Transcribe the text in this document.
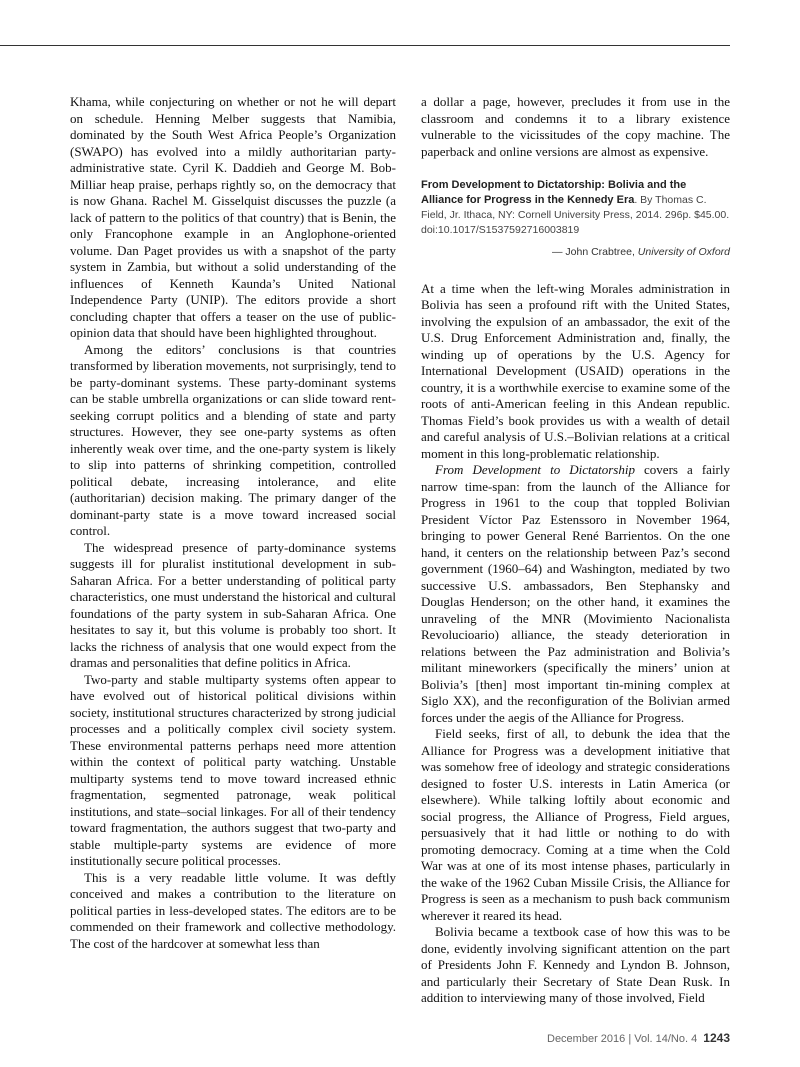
Khama, while conjecturing on whether or not he will depart on schedule. Henning Melber suggests that Namibia, dominated by the South West Africa People’s Organization (SWAPO) has evolved into a mildly authoritarian party-administrative state. Cyril K. Daddieh and George M. Bob-Milliar heap praise, perhaps rightly so, on the democracy that is now Ghana. Rachel M. Gisselquist discusses the puzzle (a lack of pattern to the politics of that country) that is Benin, the only Francophone example in an Anglophone-oriented volume. Dan Paget provides us with a snapshot of the party system in Zambia, but without a solid understanding of the influences of Kenneth Kaunda’s United National Independence Party (UNIP). The editors provide a short concluding chapter that offers a teaser on the use of public-opinion data that should have been highlighted throughout.

Among the editors’ conclusions is that countries transformed by liberation movements, not surprisingly, tend to be party-dominant systems. These party-dominant systems can be stable umbrella organizations or can slide toward rent-seeking corrupt politics and a blending of state and party structures. However, they see one-party systems as often inherently weak over time, and the one-party system is likely to slip into patterns of shrinking competition, controlled political debate, increasing intolerance, and elite (authoritarian) decision making. The primary danger of the dominant-party state is a move toward increased social control.

The widespread presence of party-dominance systems suggests ill for pluralist institutional development in sub-Saharan Africa. For a better understanding of political party characteristics, one must understand the historical and cultural foundations of the party system in sub-Saharan Africa. One hesitates to say it, but this volume is probably too short. It lacks the richness of analysis that one would expect from the dramas and personalities that define politics in Africa.

Two-party and stable multiparty systems often appear to have evolved out of historical political divisions within society, institutional structures characterized by strong judicial processes and a politically complex civil society system. These environmental patterns perhaps need more attention within the context of political party watching. Unstable multiparty systems tend to move toward increased ethnic fragmentation, segmented patronage, weak political institutions, and state–social linkages. For all of their tendency toward fragmentation, the authors suggest that two-party and stable multiple-party systems are evidence of more institutionally secure political processes.

This is a very readable little volume. It was deftly conceived and makes a contribution to the literature on political parties in less-developed states. The editors are to be commended on their framework and collective methodology. The cost of the hardcover at somewhat less than

a dollar a page, however, precludes it from use in the classroom and condemns it to a library existence vulnerable to the vicissitudes of the copy machine. The paperback and online versions are almost as expensive.

From Development to Dictatorship: Bolivia and the Alliance for Progress in the Kennedy Era. By Thomas C. Field, Jr. Ithaca, NY: Cornell University Press, 2014. 296p. $45.00. doi:10.1017/S1537592716003819
— John Crabtree, University of Oxford

At a time when the left-wing Morales administration in Bolivia has seen a profound rift with the United States, involving the expulsion of an ambassador, the exit of the U.S. Drug Enforcement Administration and, finally, the winding up of operations by the U.S. Agency for International Development (USAID) operations in the country, it is a worthwhile exercise to examine some of the roots of anti-American feeling in this Andean republic. Thomas Field’s book provides us with a wealth of detail and careful analysis of U.S.–Bolivian relations at a critical moment in this long-problematic relationship.

From Development to Dictatorship covers a fairly narrow time-span: from the launch of the Alliance for Progress in 1961 to the coup that toppled Bolivian President Víctor Paz Estenssoro in November 1964, bringing to power General René Barrientos. On the one hand, it centers on the relationship between Paz’s second government (1960–64) and Washington, mediated by two successive U.S. ambassadors, Ben Stephansky and Douglas Henderson; on the other hand, it examines the unraveling of the MNR (Movimiento Nacionalista Revolucioario) alliance, the steady deterioration in relations between the Paz administration and Bolivia’s militant mineworkers (specifically the miners’ union at Bolivia’s [then] most important tin-mining complex at Siglo XX), and the reconfiguration of the Bolivian armed forces under the aegis of the Alliance for Progress.

Field seeks, first of all, to debunk the idea that the Alliance for Progress was a development initiative that was somehow free of ideology and strategic considerations designed to foster U.S. interests in Latin America (or elsewhere). While talking loftily about economic and social progress, the Alliance of Progress, Field argues, persuasively that it had little or nothing to do with promoting democracy. Coming at a time when the Cold War was at one of its most intense phases, particularly in the wake of the 1962 Cuban Missile Crisis, the Alliance for Progress is seen as a mechanism to push back communism wherever it reared its head.

Bolivia became a textbook case of how this was to be done, evidently involving significant attention on the part of Presidents John F. Kennedy and Lyndon B. Johnson, and particularly their Secretary of State Dean Rusk. In addition to interviewing many of those involved, Field

December 2016 | Vol. 14/No. 4 1243
